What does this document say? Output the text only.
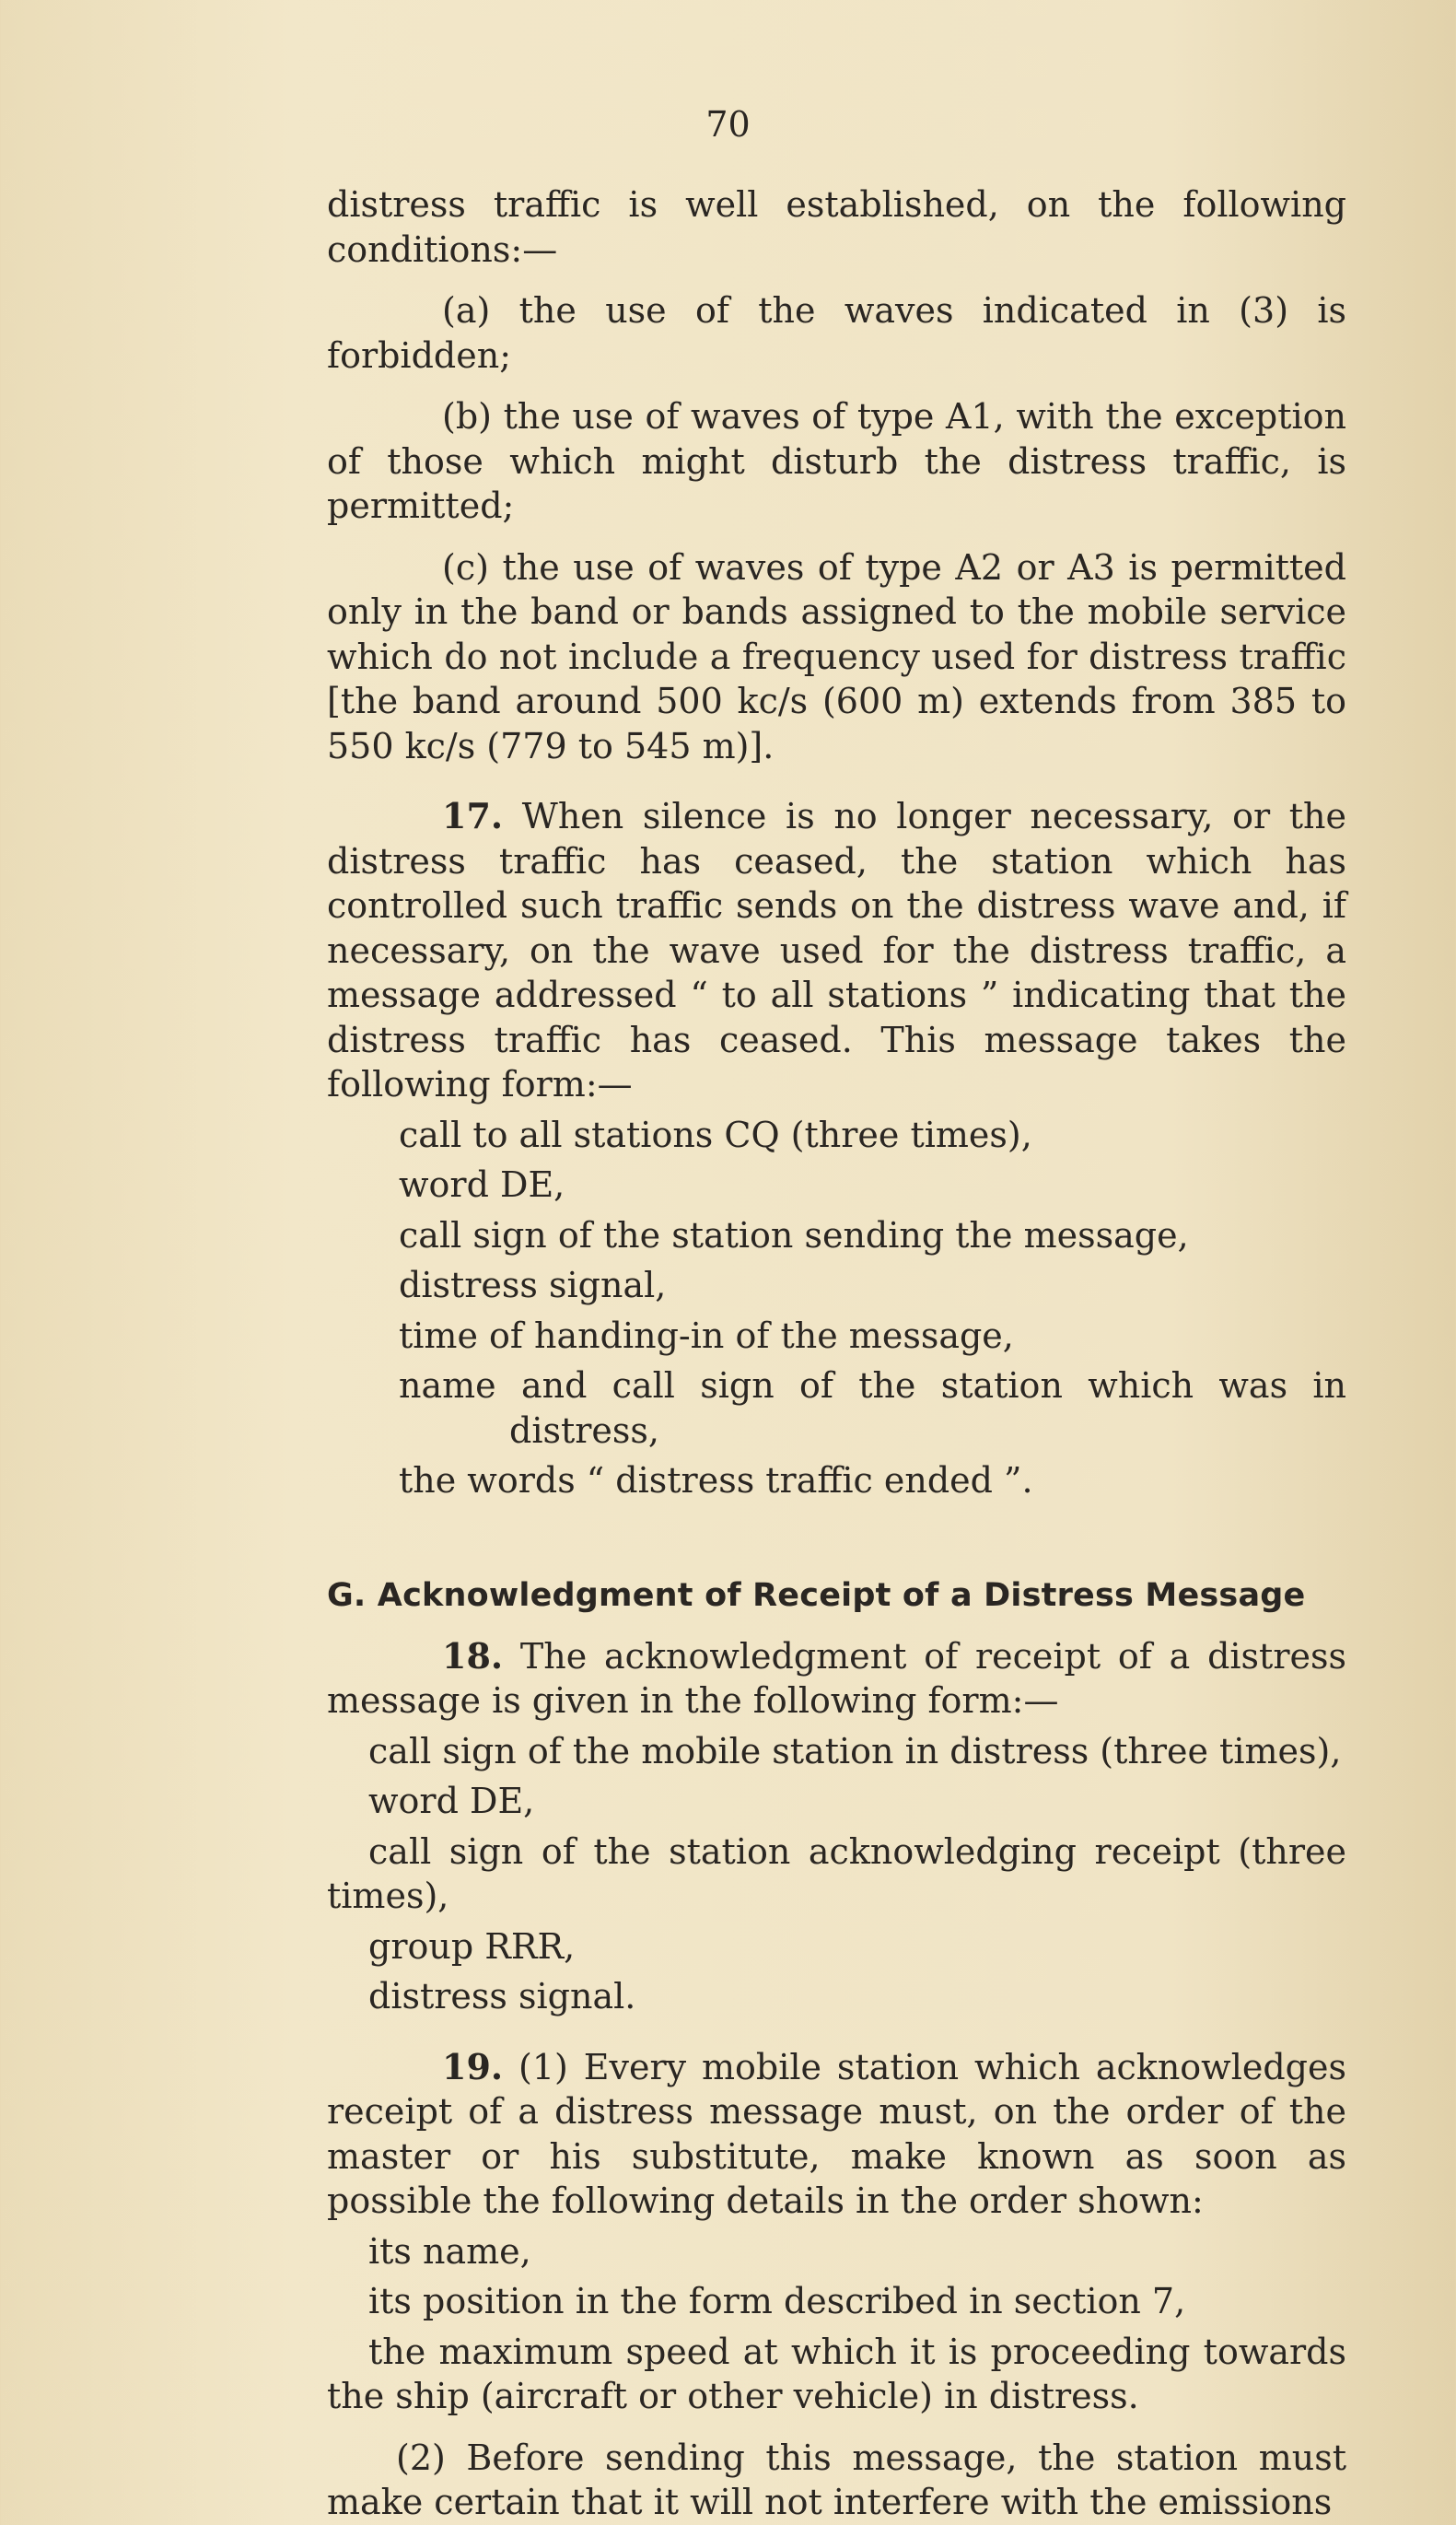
70

distress traffic is well established, on the following conditions:—

(a) the use of the waves indicated in (3) is forbidden;

(b) the use of waves of type A1, with the exception of those which might disturb the distress traffic, is permitted;

(c) the use of waves of type A2 or A3 is permitted only in the band or bands assigned to the mobile service which do not include a frequency used for distress traffic [the band around 500 kc/s (600 m) extends from 385 to 550 kc/s (779 to 545 m)].

17. When silence is no longer necessary, or the distress traffic has ceased, the station which has controlled such traffic sends on the distress wave and, if necessary, on the wave used for the distress traffic, a message addressed “ to all stations ” indicating that the distress traffic has ceased. This message takes the following form:—

call to all stations CQ (three times),
word DE,
call sign of the station sending the message,
distress signal,
time of handing-in of the message,
name and call sign of the station which was in distress,
the words “ distress traffic ended ”.

G. Acknowledgment of Receipt of a Distress Message

18. The acknowledgment of receipt of a distress message is given in the following form:—

call sign of the mobile station in distress (three times),
word DE,
call sign of the station acknowledging receipt (three times),
group RRR,
distress signal.

19. (1) Every mobile station which acknowledges receipt of a distress message must, on the order of the master or his substitute, make known as soon as possible the following details in the order shown:

its name,
its position in the form described in section 7,
the maximum speed at which it is proceeding towards the ship (aircraft or other vehicle) in distress.

(2) Before sending this message, the station must make certain that it will not interfere with the emissions
